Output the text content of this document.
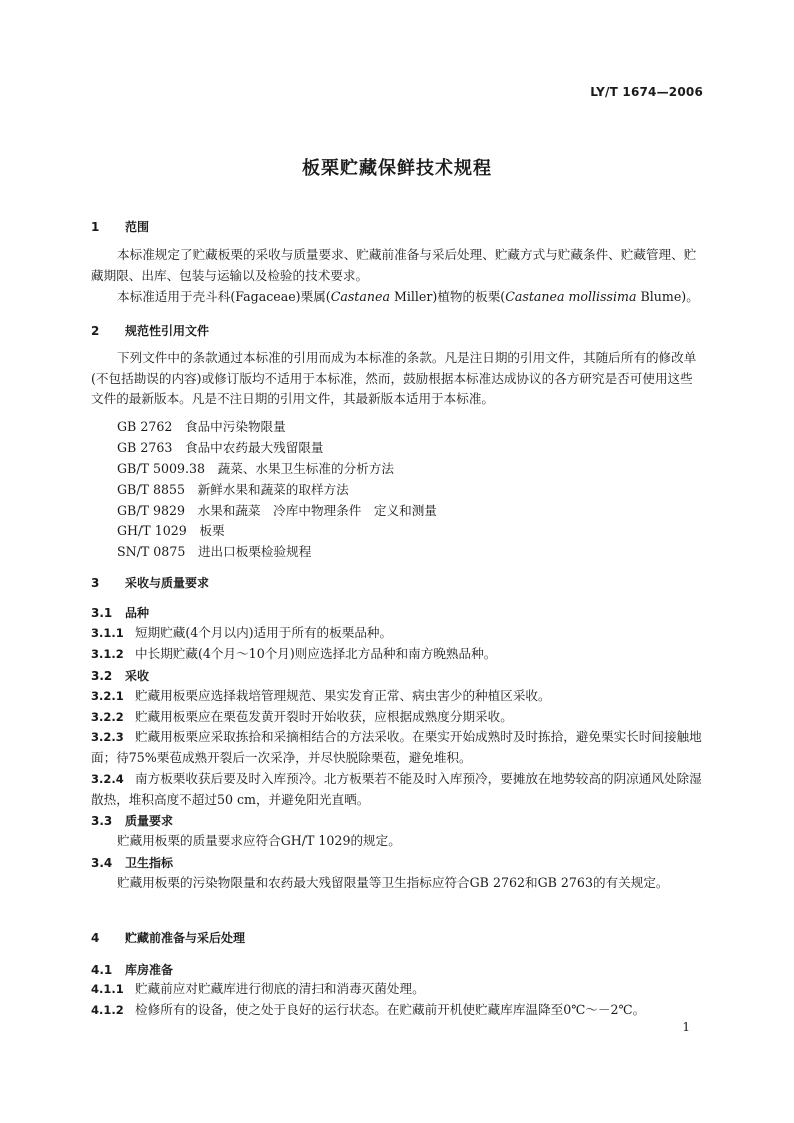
LY/T 1674—2006
板栗贮藏保鲜技术规程
1 范围
本标准规定了贮藏板栗的采收与质量要求、贮藏前准备与采后处理、贮藏方式与贮藏条件、贮藏管理、贮藏期限、出库、包装与运输以及检验的技术要求。
本标准适用于壳斗科(Fagaceae)栗属(Castanea Miller)植物的板栗(Castanea mollissima Blume)。
2 规范性引用文件
下列文件中的条款通过本标准的引用而成为本标准的条款。凡是注日期的引用文件，其随后所有的修改单(不包括勘误的内容)或修订版均不适用于本标准，然而，鼓励根据本标准达成协议的各方研究是否可使用这些文件的最新版本。凡是不注日期的引用文件，其最新版本适用于本标准。
GB 2762　 食品中污染物限量
GB 2763　 食品中农药最大残留限量
GB/T 5009.38　 蔬菜、水果卫生标准的分析方法
GB/T 8855　 新鲜水果和蔬菜的取样方法
GB/T 9829　 水果和蔬菜　冷库中物理条件　定义和测量
GH/T 1029　 板栗
SN/T 0875　 进出口板栗检验规程
3 采收与质量要求
3.1 品种
3.1.1 短期贮藏(4个月以内)适用于所有的板栗品种。
3.1.2 中长期贮藏(4个月～10个月)则应选择北方品种和南方晚熟品种。
3.2 采收
3.2.1 贮藏用板栗应选择栽培管理规范、果实发育正常、病虫害少的种植区采收。
3.2.2 贮藏用板栗应在栗苞发黄开裂时开始收获，应根据成熟度分期采收。
3.2.3 贮藏用板栗应采取拣拾和采摘相结合的方法采收。在栗实开始成熟时及时拣拾，避免栗实长时间接触地面；待75%栗苞成熟开裂后一次采净，并尽快脱除栗苞，避免堆积。
3.2.4 南方板栗收获后要及时入库预冷。北方板栗若不能及时入库预冷，要摊放在地势较高的阴凉通风处除湿散热，堆积高度不超过50 cm，并避免阳光直晒。
3.3 质量要求
贮藏用板栗的质量要求应符合GH/T 1029的规定。
3.4 卫生指标
贮藏用板栗的污染物限量和农药最大残留限量等卫生指标应符合GB 2762和GB 2763的有关规定。
4 贮藏前准备与采后处理
4.1 库房准备
4.1.1 贮藏前应对贮藏库进行彻底的清扫和消毒灭菌处理。
4.1.2 检修所有的设备，使之处于良好的运行状态。在贮藏前开机使贮藏库库温降至0℃～－2℃。
1
